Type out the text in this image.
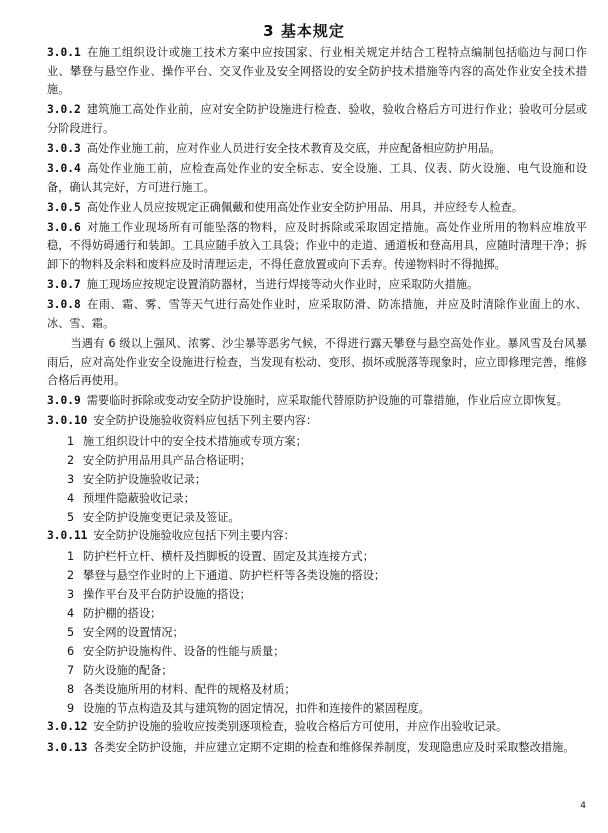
3 基本规定

3.0.1 在施工组织设计或施工技术方案中应按国家、行业相关规定并结合工程特点编制包括临边与洞口作业、攀登与悬空作业、操作平台、交叉作业及安全网搭设的安全防护技术措施等内容的高处作业安全技术措施。

3.0.2 建筑施工高处作业前，应对安全防护设施进行检查、验收，验收合格后方可进行作业；验收可分层或分阶段进行。

3.0.3 高处作业施工前，应对作业人员进行安全技术教育及交底，并应配备相应防护用品。

3.0.4 高处作业施工前，应检查高处作业的安全标志、安全设施、工具、仪表、防火设施、电气设施和设备，确认其完好，方可进行施工。

3.0.5 高处作业人员应按规定正确佩戴和使用高处作业安全防护用品、用具，并应经专人检查。

3.0.6 对施工作业现场所有可能坠落的物料，应及时拆除或采取固定措施。高处作业所用的物料应堆放平稳，不得妨碍通行和装卸。工具应随手放入工具袋；作业中的走道、通道板和登高用具，应随时清理干净；拆卸下的物料及余料和废料应及时清理运走，不得任意放置或向下丢弃。传递物料时不得抛掷。

3.0.7 施工现场应按规定设置消防器材，当进行焊接等动火作业时，应采取防火措施。

3.0.8 在雨、霜、雾、雪等天气进行高处作业时，应采取防滑、防冻措施，并应及时清除作业面上的水、冰、雪、霜。

当遇有 6 级以上强风、浓雾、沙尘暴等恶劣气候，不得进行露天攀登与悬空高处作业。暴风雪及台风暴雨后，应对高处作业安全设施进行检查，当发现有松动、变形、损坏或脱落等现象时，应立即修理完善，维修合格后再使用。

3.0.9 需要临时拆除或变动安全防护设施时，应采取能代替原防护设施的可靠措施，作业后应立即恢复。

3.0.10 安全防护设施验收资料应包括下列主要内容：

1 施工组织设计中的安全技术措施或专项方案；
2 安全防护用品用具产品合格证明；
3 安全防护设施验收记录；
4 预埋件隐蔽验收记录；
5 安全防护设施变更记录及签证。

3.0.11 安全防护设施验收应包括下列主要内容：

1 防护栏杆立杆、横杆及挡脚板的设置、固定及其连接方式；
2 攀登与悬空作业时的上下通道、防护栏杆等各类设施的搭设；
3 操作平台及平台防护设施的搭设；
4 防护棚的搭设；
5 安全网的设置情况；
6 安全防护设施构件、设备的性能与质量；
7 防火设施的配备；
8 各类设施所用的材料、配件的规格及材质；
9 设施的节点构造及其与建筑物的固定情况，扣件和连接件的紧固程度。

3.0.12 安全防护设施的验收应按类别逐项检查，验收合格后方可使用，并应作出验收记录。

3.0.13 各类安全防护设施，并应建立定期不定期的检查和维修保养制度，发现隐患应及时采取整改措施。

4
